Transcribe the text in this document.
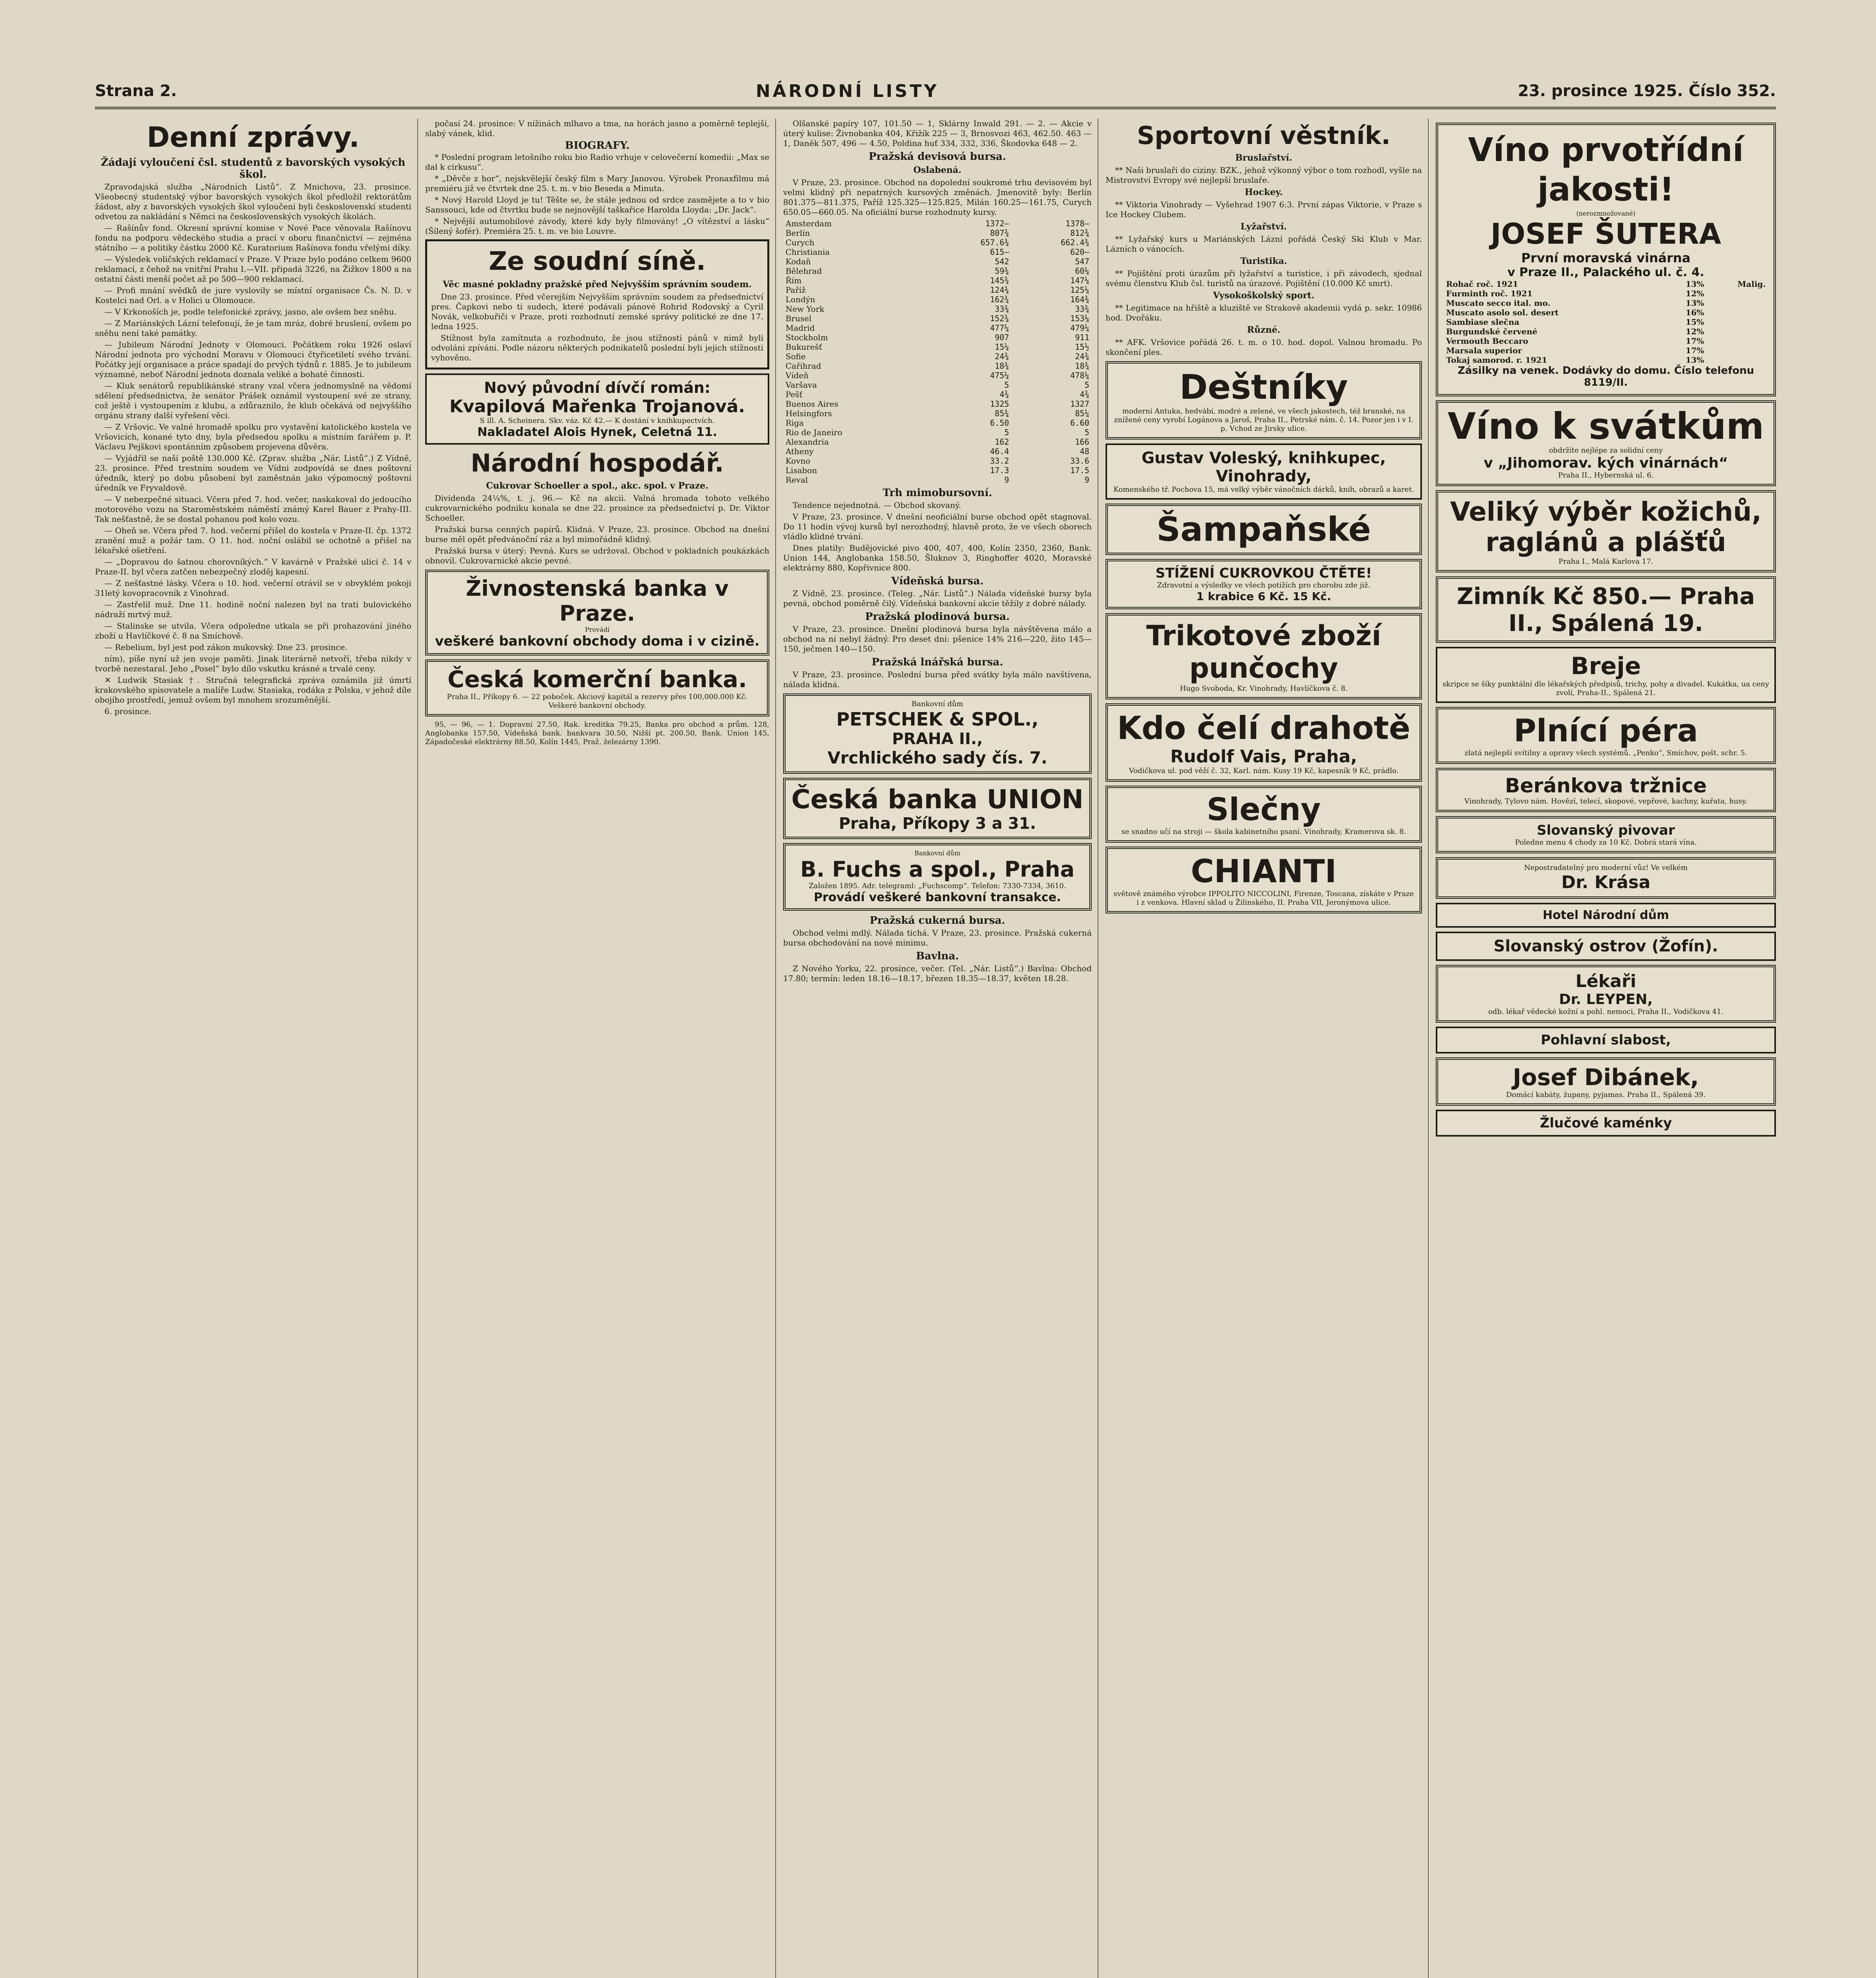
Strana 2.	NÁRODNÍ LISTY	23. prosince 1925. Číslo 352.
Denní zprávy.
Žádají vyloučení čsl. studentů z bavorských vysokých škol.

Zpravodajská služba „Národních Listů“. Z Mnichova, 23. prosince. Všeobecný studentský výbor bavorských vysokých škol předložil rektorátům žádost, aby z bavorských vysokých škol vyloučeni byli československí studenti odvetou za nakládání s Němci na československých vysokých školách.

— Rašínův fond. Okresní správní komise v Nové Pace věnovala Rašínovu fondu na podporu vědeckého studia a prací v oboru finančnictví — zejména státního — a politiky částku 2000 Kč. Kuratorium Rašínova fondu vřelými díky.

— Výsledek voličských reklamací v Praze. V Praze bylo podáno celkem 9600 reklamací, z čehož na vnitřní Prahu I.—VII. připadá 3226, na Žižkov 1800 a na ostatní části menší počet až po 500—900 reklamací.

— Profi mnání svědků de jure vyslovily se místní organisace Čs. N. D. v Kostelci nad Orl. a v Holici u Olomouce.

— V Krkonoších je, podle telefonické zprávy, jasno, ale ovšem bez sněhu.

— Z Mariánských Lázní telefonují, že je tam mráz, dobré bruslení, ovšem po sněhu není také památky.

— Jubileum Národní Jednoty v Olomouci. Počátkem roku 1926 oslaví Národní jednota pro východní Moravu v Olomouci čtyřicetiletí svého trvání. Počátky její organisace a práce spadají do prvých týdnů r. 1885. Je to jubileum významné, neboť Národní jednota doznala veliké a bohaté činnosti.

— Kluk senátorů republikánské strany vzal včera jednomyslně na vědomí sdělení předsednictva, že senátor Prášek oznámil vystoupení své ze strany, což ještě i vystoupením z klubu, a zdůraznilo, že klub očekává od nejvyššího orgánu strany další vyřešení věci.

— Z Vršovic. Ve valné hromadě spolku pro vystavění katolického kostela ve Vršovicích, konané tyto dny, byla předsedou spolku a místním farářem p. P. Václavu Pejškovi spontánním způsobem projevena důvěra.

— Vyjádřil se naší poště 130.000 Kč. (Zprav. služba „Nár. Listů“.) Z Vídně, 23. prosince. Před trestním soudem ve Vídni zodpovídá se dnes poštovní úředník, který po dobu působení byl zaměstnán jako výpomocný poštovní úředník ve Fryvaldově.

— V nebezpečné situaci. Včera před 7. hod. večer, naskakoval do jedoucího motorového vozu na Staroměstském náměstí známý Karel Bauer z Prahy-III. Tak nešťastně, že se dostal pohanou pod kolo vozu.

— Oheň se. Včera před 7. hod. večerní přišel do kostela v Praze-II. čp. 1372 zranění muž a požár tam. O 11. hod. noční oslábil se ochotně a přišel na lékařské ošetření.

— „Dopravou do šatnou chorovníkých.“ V kavárně v Pražské ulici č. 14 v Praze-II. byl včera zatčen nebezpečný zloděj kapesní.

— Z nešťastné lásky. Včera o 10. hod. večerní otrávil se v obvyklém pokoji 31letý kovopracovník z Vinohrad.

— Zastřelil muž. Dne 11. hodině noční nalezen byl na trati bulovického nádraží mrtvý muž.

— Stalinske se utvila. Včera odpoledne utkala se při prohazování jiného zboží u Havlíčkové č. 8 na Smíchově.

— Rebelium, byl jest pod zákon mukovský. Dne 23. prosince.

ním), píše nyní už jen svoje paměti. Jinak literárně netvoří, třeba nikdy v tvorbě nezestaral. Jeho „Posel“ bylo dílo vskutku krásné a trvalé ceny.

✕ Ludwik Stasiak †. Stručná telegrafická zpráva oznámila již úmrtí krakovského spisovatele a malíře Ludw. Stasiaka, rodáka z Polska, v jehož díle obojího prostředí, jemuž ovšem byl mnohem srozuměnější.

6. prosince.

počasí 24. prosince: V nížinách mlhavo a tma, na horách jasno a poměrně teplejší, slabý vánek, klid.

BIOGRAFY.

* Poslední program letošního roku bio Radio vrhuje v celovečerní komedii: „Max se dal k cirkusu“.

* „Děvče z hor“, nejskvělejší český film s Mary Janovou. Výrobek Pronaxfilmu má premiéru již ve čtvrtek dne 25. t. m. v bio Beseda a Minuta.

* Nový Harold Lloyd je tu! Těšte se, že stále jednou od srdce zasmějete a to v bio Sanssouci, kde od čtvrtku bude se nejnovější taškařice Harolda Lloyda: „Dr. Jack“.

* Nejvější autumobilové závody, které kdy byly filmovány! „O vítězství a lásku“ (Šílený šofér). Premiéra 25. t. m. ve bio Louvre.

Ze soudní síně.
Věc masné pokladny pražské před Nejvyšším správním soudem.

Dne 23. prosince. Před včerejším Nejvyšším správním soudem za předsednictví pres. Čapkovi nebo ti sudech, které podávali pánové Rohrid Rodovský a Cyril Novák, velkobuřiči v Praze, proti rozhodnutí zemské správy politické ze dne 17. ledna 1925.

Stížnost byla zamítnuta a rozhodnuto, že jsou stížnosti pánů v nimž byli odvoláni zpíváni. Podle názoru některých podnikatelů poslední byli jejich stížnosti vyhověno.

Nový původní dívčí román:
Kvapilová Mařenka Trojanová.
S ill. A. Scheinera. Skv. váz. Kč 42.— K dostání v knihkupectvích.
Nakladatel Alois Hynek, Celetná 11.
Národní hospodář.
Cukrovar Schoeller a spol., akc. spol. v Praze.

Dividenda 24¼%, t. j. 96.— Kč na akcii. Valná hromada tohoto velkého cukrovarnického podniku konala se dne 22. prosince za předsednictví p. Dr. Viktor Schoeller.

Pražská bursa cenných papírů. Klidná. V Praze, 23. prosince. Obchod na dnešní burse měl opět předvánoční ráz a byl mimořádně klidný.

Pražská bursa v úterý: Pevná. Kurs se udržoval. Obchod v pokladních poukázkách obnovil. Cukrovarnické akcie pevné.

Živnostenská banka v Praze.
Provádí
veškeré bankovní obchody doma i v cizině.
Česká komerční banka.
Praha II., Příkopy 6. — 22 poboček. Akciový kapitál a rezervy přes 100,000.000 Kč. Veškeré bankovní obchody.

95, — 96, — 1. Dopravní 27.50, Rak. kreditka 79.25, Banka pro obchod a prům. 128, Anglobanka 157.50, Vídeňská bank. bankvara 30.50, Nižší pt. 200.50, Bank. Union 145, Západočeské elektrárny 88.50, Kolín 1445, Praž. železárny 1390.

Olšanské papíry 107, 101.50 — 1, Sklárny Inwald 291. — 2. — Akcie v úterý kulise: Živnobanka 404, Křižík 225 — 3, Brnosvozi 463, 462.50. 463 — 1, Daněk 507, 496 — 4.50, Poldina huť 334, 332, 336, Škodovka 648 — 2.

Pražská devisová bursa.
Oslabená.

V Praze, 23. prosince. Obchod na dopolední soukromé trhu devisovém byl velmi klidný při nepatrných kursových změnách. Jmenovitě byly: Berlín 801.375—811.375, Paříž 125.325—125.825, Milán 160.25—161.75, Curych 650.05—660.05. Na oficiální burse rozhodnuty kursy.

Amsterdam	1372—	1378—
Berlín	807¾	812¾
Curych	657.6¾	662.4¾
Christiania	615—	620—
Kodaň	542	547
Bělehrad	59¾	60¼
Řím	145¾	147¼
Paříž	124¾	125¼
Londýn	162¾	164¾
New York	33¾	33¾
Brusel	152¾	153¼
Madrid	477¼	479¼
Stockholm	907	911
Bukurešť	15¼	15½
Sofie	24¾	24¾
Cařihrad	18¾	18¾
Vídeň	475¼	478¼
Varšava	5	5
Pešť	4¾	4¾
Buenos Aires	1325	1327
Helsingfors	85¾	85¼
Riga	6.50	6.60
Rio de Janeiro	5	5
Alexandria	162	166
Atheny	46.4	48
Kovno	33.2	33.6
Lisabon	17.3	17.5
Reval	9	9
Trh mimobursovní.

Tendence nejednotná. — Obchod skovaný.

V Praze, 23. prosince. V dnešní neoficiální burse obchod opět stagnoval. Do 11 hodin vývoj kursů byl nerozhodný, hlavně proto, že ve všech oborech vládlo klidné trvání.

Dnes platily: Budějovické pivo 400, 407, 400, Kolín 2350, 2360, Bank. Union 144, Anglobanka 158.50, Šluknov 3, Ringhoffer 4020, Moravské elektrárny 880, Kopřivnice 800.

Vídeňská bursa.

Z Vídně, 23. prosince. (Teleg. „Nár. Listů“.) Nálada vídeňské bursy byla pevná, obchod poměrně čilý. Vídeňská bankovní akcie těžily z dobré nálady.

Pražská plodinová bursa.

V Praze, 23. prosince. Dnešní plodinová bursa byla návštěvena málo a obchod na ní nebyl žádný. Pro deset dní: pšenice 14% 216—220, žito 145—150, ječmen 140—150.

Pražská lnářská bursa.

V Praze, 23. prosince. Poslední bursa před svátky byla málo navštívena, nálada klidná.

Bankovní dům
PETSCHEK & SPOL.,
PRAHA II.,
Vrchlického sady čís. 7.
Česká banka UNION
Praha, Příkopy 3 a 31.
Bankovní dům
B. Fuchs a spol., Praha
Založen 1895. Adr. telegraml: „Fuchscomp“. Telefon: 7330-7334, 3610.
Provádí veškeré bankovní transakce.
Pražská cukerná bursa.

Obchod velmi mdlý. Nálada tichá. V Praze, 23. prosince. Pražská cukerná bursa obchodování na nové minimu.

Bavlna.

Z Nového Yorku, 22. prosince, večer. (Tel. „Nár. Listů“.) Bavlna: Obchod 17.80; termín: leden 18.16—18.17, březen 18.35—18.37, květen 18.28.

Sportovní věstník.
Bruslařství.

** Naši bruslaři do ciziny. BZK., jehož výkonný výbor o tom rozhodl, vyšle na Mistrovství Evropy své nejlepší bruslaře.

Hockey.

** Viktoria Vinohrady — Vyšehrad 1907 6:3. První zápas Viktorie, v Praze s Ice Hockey Clubem.

Lyžařství.

** Lyžařský kurs u Mariánských Lázní pořádá Český Ski Klub v Mar. Lázních o vánocích.

Turistika.

** Pojištění proti úrazům při lyžařství a turistice, i při závodech, sjednal svému členstvu Klub čsl. turistů na úrazové. Pojištění (10.000 Kč smrt).

Vysokoškolský sport.

** Legitimace na hřiště a kluziště ve Strakově akademii vydá p. sekr. 10986 hod. Dvořáku.

Různé.

** AFK. Vršovice pořádá 26. t. m. o 10. hod. dopol. Valnou hromadu. Po skončení ples.

Deštníky
moderní Antuka, hedvábí, modré a zelené, ve všech jakostech, též branské, na znížené ceny vyrobí Logánova a Jaroš, Praha II., Petrské nám. č. 14. Pozor jen i v I. p. Vchod ze Jirsky ulice.
Gustav Voleský, knihkupec, Vinohrady,
Komenského tř. Pochova 15, má velký výběr vánočních dárků, knih, obrazů a karet.
Šampaňské
STÍŽENÍ CUKROVKOU ČTĚTE!
Zdravotní a výsledky ve všech potížích pro chorobu zde již.
1 krabice 6 Kč. 15 Kč.
Trikotové zboží punčochy
Hugo Svoboda, Kr. Vinohrady, Havlíčkova č. 8.
Kdo čelí drahotě
Rudolf Vais, Praha,
Vodičkova ul. pod věží č. 32, Karl. nám. Kusy 19 Kč, kapesník 9 Kč, prádlo.
Slečny
se snadno učí na stroji — škola kabinetního psaní. Vinohrady, Kramerova sk. 8.
CHIANTI
světově známého výrobce IPPOLITO NICCOLINI, Firenze, Toscana, získáte v Praze i z venkova. Hlavní sklad u Žilinského, II. Praha VII, Jeronýmova ulice.
Víno prvotřídní jakosti!
(nerozmnožované)
JOSEF ŠUTERA
První moravská vinárna
v Praze II., Palackého ul. č. 4.
Rohač roč. 1921	13%	Malig.
Furminth roč. 1921	12%	
Muscato secco ital. mo.	13%	
Muscato asolo sol. desert	16%	
Sambiase slečna	15%	
Burgundské červené	12%	
Vermouth Beccaro	17%	
Marsala superior	17%	
Tokaj samorod. r. 1921	13%	
Zásilky na venek. Dodávky do domu. Číslo telefonu 8119/II.
Víno k svátkům
obdržíte nejlépe za solidní ceny
v „Jihomorav. kých vinárnách“
Praha II., Hybernská ul. 6.
Veliký výběr kožichů, raglánů a plášťů
Praha I., Malá Karlova 17.
Zimník Kč 850.— Praha II., Spálená 19.
Breje
skripce se šíky punktální dle lékařských předpisů, trichy, pohy a divadel. Kukátka, ua ceny zvolí, Praha-II., Spálená 21.
Plnící péra
zlatá nejlepší svítilny a opravy všech systémů. „Penko“, Smíchov, pošt. schr. 5.
Beránkova tržnice
Vinohrady, Tylovo nám. Hovězí, telecí, skopové, vepřové, kachny, kuřata, husy.
Slovanský pivovar
Poledne menu 4 chody za 10 Kč. Dobrá stará vína.
Nepostradatelný pro moderní vůz! Ve velkém
Dr. Krása
Hotel Národní dům
Slovanský ostrov (Žofín).
Lékaři
Dr. LEYPEN,
odb. lékař vědecké kožní a pohl. nemoci, Praha II., Vodičkova 41.
Pohlavní slabost,
Josef Dibánek,
Domácí kabáty, župany, pyjamas. Praha II., Spálená 39.
Žlučové kaménky
